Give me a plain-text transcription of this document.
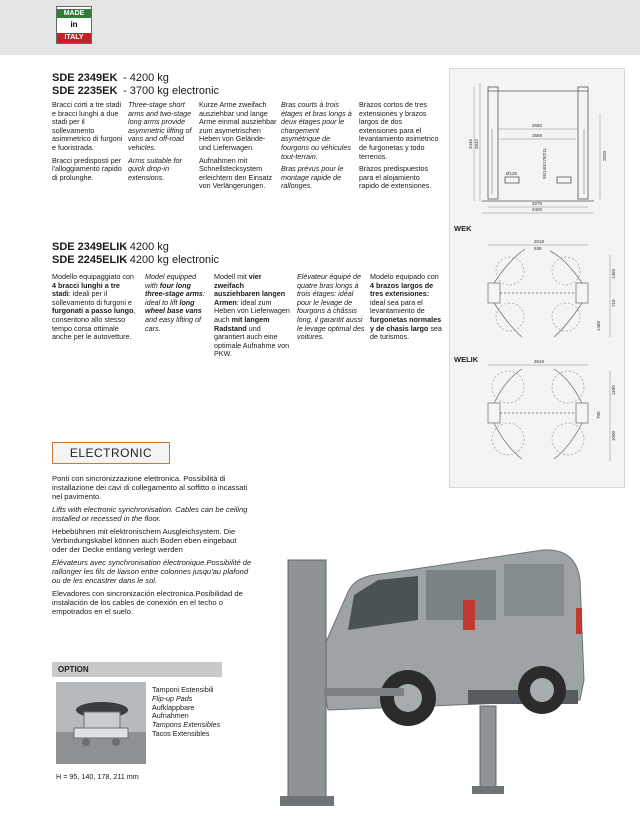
MADE
in
ITALY
SDE 2349EK - 4200 kg
SDE 2235EK - 3700 kg electronic

Bracci corti a tre stadi e bracci lunghi a due stadi per il sollevamento asimmetrico di furgoni e fuoristrada.

Bracci predisposti per l'alloggiamento rapido di prolunghe.

Three-stage short arms and two-stage long arms provide asymmetric lifting of vans and off-road vehicles.

Arms suitable for quick drop-in extensions.

Kurze Arme zweifach ausziehbar und lange Arme einmal ausziehbar zum asymetrischen Heben von Gelände-und Lieferwagen.

Aufnahmen mit Schnellstecksystem erleichtern den Einsatz von Verlängerungen.

Bras courts à trois étages et bras longs à deux étages pour le chargement asymétrique de fourgons ou véhicules tout-terrain.

Bras prévus pour le montage rapide de rallonges.

Brazos cortos de tres extensiones y brazos largos de dos extensiones para el levantamiento asimetrico de furgonetas y todo terrenos.

Brazos predispuestos para el alojamiento rapido de extensiones.

SDE 2349ELIK - 4200 kg
SDE 2245ELIK - 4200 kg electronic
Modello equipaggiato con 4 bracci lunghi a tre stadi: ideali per il sollevamento di furgoni e furgonati a passo lungo, consentono allo stesso tempo corsa ottimale anche per le autovetture.
Model equipped with four long three-stage arms: ideal to lift long wheel base vans and easy lifting of cars.
Modell mit vier zweifach ausziehbaren langen Armen: ideal zum Heben von Lieferwagen auch mit langem Radstand und garantiert auch eine optimale Aufnahme von PKW.
Elévateur équipé de quatre bras longs à trois étages: idéal pour le levage de fourgons à châssis long, il garantit aussi le levage optimal des voitures.
Modelo equipado con 4 brazos largos de tres extensiones: ideal sea para el levantamiento de furgonetas normales y de chasis largo sea de turismos.
3832
3445
2650
2588
2020
3275
3400
Ø125	95/140/178/211
2618
938
1450
710
1460
2618
1100
1000
700
WEK
WELIK
ELECTRONIC

Ponti con sincronizzazione elettronica. Possibilità di installazione dei cavi di collegamento al soffitto o incassati nel pavimento.

Lifts with electronic synchronisation. Cables can be ceiling installed or recessed in the floor.

Hebebühnen mit elektronischem Ausgleichsystem. Die Verbindungskabel können auch Boden eben eingebaut oder der Decke entlang verlegt werden

Elévateurs avec synchronisation électronique.Possibilité de rallonger les fils de liaison entre colonnes jusqu'au plafond ou de les encastrer dans le sol.

Elevadores con sincronización electronica.Posibilidad de instalación de los cables de conexión en el techo o empotrados en el suelo.

OPTION
Tamponi Estensibili
Flip-up Pads
Aufklappbare Aufnahmen
Tampons Extensibles
Tacos Extensibles
H = 95, 140, 178, 211 mm
